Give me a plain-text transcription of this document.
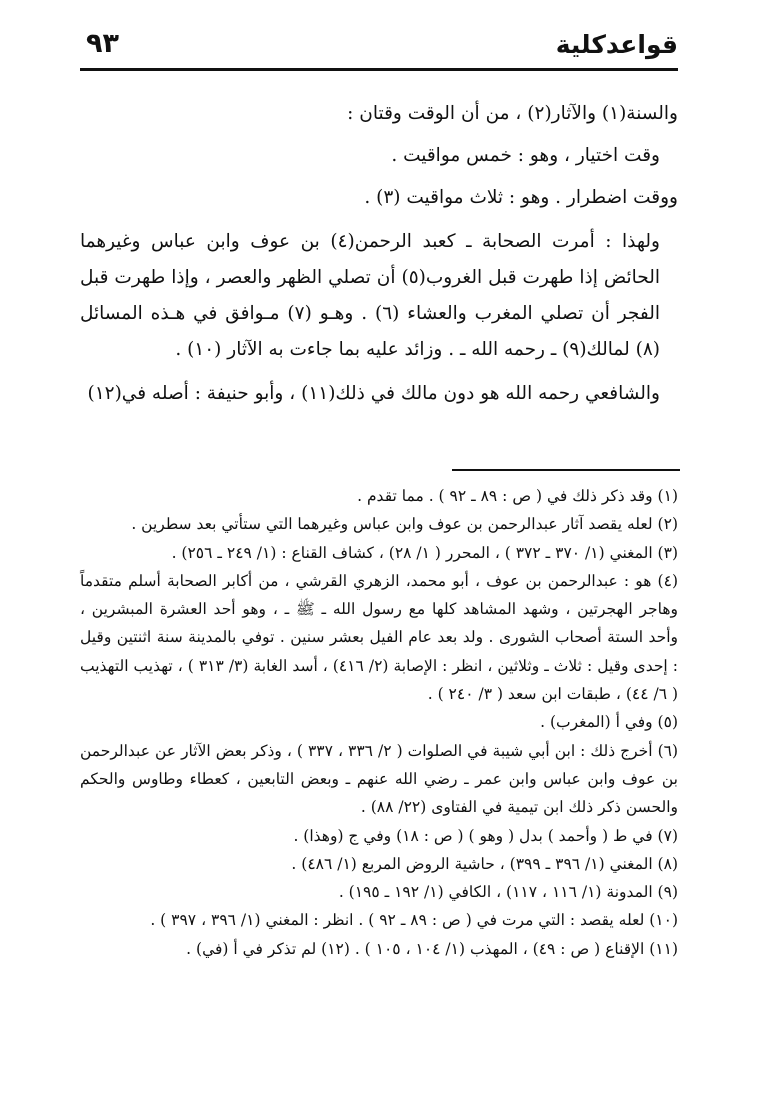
قواعدكلية
٩٣

والسنة(١) والآثار(٢) ، من أن الوقت وقتان :

وقت اختيار ، وهو : خمس مواقيت .

ووقت اضطرار . وهو : ثلاث مواقيت (٣) .

ولهذا : أمرت الصحابة ـ كعبد الرحمن(٤) بن عوف وابن عباس وغيرهما الحائض إذا طهرت قبل الغروب(٥) أن تصلي الظهر والعصر ، وإذا طهرت قبل الفجر أن تصلي المغرب والعشاء (٦) . وهـو (٧) مـوافق في هـذه المسائل (٨) لمالك(٩) ـ رحمه الله ـ . وزائد عليه بما جاءت به الآثار (١٠) .

والشافعي رحمه الله هو دون مالك في ذلك(١١) ، وأبو حنيفة : أصله في(١٢)

(١) وقد ذكر ذلك في ( ص : ٨٩ ـ ٩٢ ) . مما تقدم .

(٢) لعله يقصد آثار عبدالرحمن بن عوف وابن عباس وغيرهما التي ستأتي بعد سطرين .

(٣) المغني (١/ ٣٧٠ ـ ٣٧٢ ) ، المحرر ( ١/ ٢٨) ، كشاف القناع : (١/ ٢٤٩ ـ ٢٥٦) .

(٤) هو : عبدالرحمن بن عوف ، أبو محمد، الزهري القرشي ، من أكابر الصحابة أسلم متقدماً وهاجر الهجرتين ، وشهد المشاهد كلها مع رسول الله ـ ﷺ ـ ، وهو أحد العشرة المبشرين ، وأحد الستة أصحاب الشورى . ولد بعد عام الفيل بعشر سنين . توفي بالمدينة سنة اثنتين وقيل : إحدى وقيل : ثلاث ـ وثلاثين ، انظر : الإصابة (٢/ ٤١٦) ، أسد الغابة (٣/ ٣١٣ ) ، تهذيب التهذيب ( ٦/ ٤٤) ، طبقات ابن سعد ( ٣/ ٢٤٠ ) .

(٥) وفي أ (المغرب) .

(٦) أخرج ذلك : ابن أبي شيبة في الصلوات ( ٢/ ٣٣٦ ، ٣٣٧ ) ، وذكر بعض الآثار عن عبدالرحمن بن عوف وابن عباس وابن عمر ـ رضي الله عنهم ـ وبعض التابعين ، كعطاء وطاوس والحكم والحسن ذكر ذلك ابن تيمية في الفتاوى (٢٢/ ٨٨) .

(٧) في ط ( وأحمد ) بدل ( وهو ) ( ص : ١٨) وفي ج (وهذا) .

(٨) المغني (١/ ٣٩٦ ـ ٣٩٩) ، حاشية الروض المربع (١/ ٤٨٦) .

(٩) المدونة (١/ ١١٦ ، ١١٧) ، الكافي (١/ ١٩٢ ـ ١٩٥) .

(١٠) لعله يقصد : التي مرت في ( ص : ٨٩ ـ ٩٢ ) . انظر : المغني (١/ ٣٩٦ ، ٣٩٧ ) .

(١١) الإقناع ( ص : ٤٩) ، المهذب (١/ ١٠٤ ، ١٠٥ ) . (١٢) لم تذكر في أ (في) .
